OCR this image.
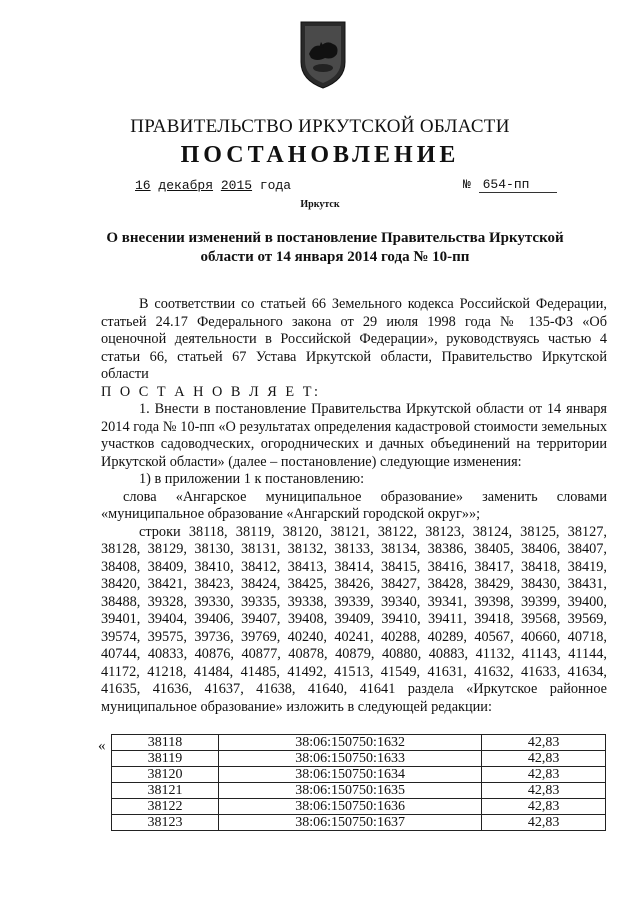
ПРАВИТЕЛЬСТВО ИРКУТСКОЙ ОБЛАСТИ
ПОСТАНОВЛЕНИЕ
16 декабря 2015 года	№ 654-пп
Иркутск
О внесении изменений в постановление Правительства Иркутской области от 14 января 2014 года № 10-пп

В соответствии со статьей 66 Земельного кодекса Российской Федерации, статьей 24.17 Федерального закона от 29 июля 1998 года № 135-ФЗ «Об оценочной деятельности в Российской Федерации», руководствуясь частью 4 статьи 66, статьей 67 Устава Иркутской области, Правительство Иркутской области

П О С Т А Н О В Л Я Е Т:

1. Внести в постановление Правительства Иркутской области от 14 января 2014 года № 10-пп «О результатах определения кадастровой стоимости земельных участков садоводческих, огороднических и дачных объединений на территории Иркутской области» (далее – постановление) следующие изменения:

1) в приложении 1 к постановлению:

слова «Ангарское муниципальное образование» заменить словами «муниципальное образование «Ангарский городской округ»»;

строки 38118, 38119, 38120, 38121, 38122, 38123, 38124, 38125, 38127, 38128, 38129, 38130, 38131, 38132, 38133, 38134, 38386, 38405, 38406, 38407, 38408, 38409, 38410, 38412, 38413, 38414, 38415, 38416, 38417, 38418, 38419, 38420, 38421, 38423, 38424, 38425, 38426, 38427, 38428, 38429, 38430, 38431, 38488, 39328, 39330, 39335, 39338, 39339, 39340, 39341, 39398, 39399, 39400, 39401, 39404, 39406, 39407, 39408, 39409, 39410, 39411, 39418, 39568, 39569, 39574, 39575, 39736, 39769, 40240, 40241, 40288, 40289, 40567, 40660, 40718, 40744, 40833, 40876, 40877, 40878, 40879, 40880, 40883, 41132, 41143, 41144, 41172, 41218, 41484, 41485, 41492, 41513, 41549, 41631, 41632, 41633, 41634, 41635, 41636, 41637, 41638, 41640, 41641 раздела «Иркутское районное муниципальное образование» изложить в следующей редакции:

«	38118	38:06:150750:1632	42,83
38119	38:06:150750:1633	42,83
38120	38:06:150750:1634	42,83
38121	38:06:150750:1635	42,83
38122	38:06:150750:1636	42,83
38123	38:06:150750:1637	42,83
